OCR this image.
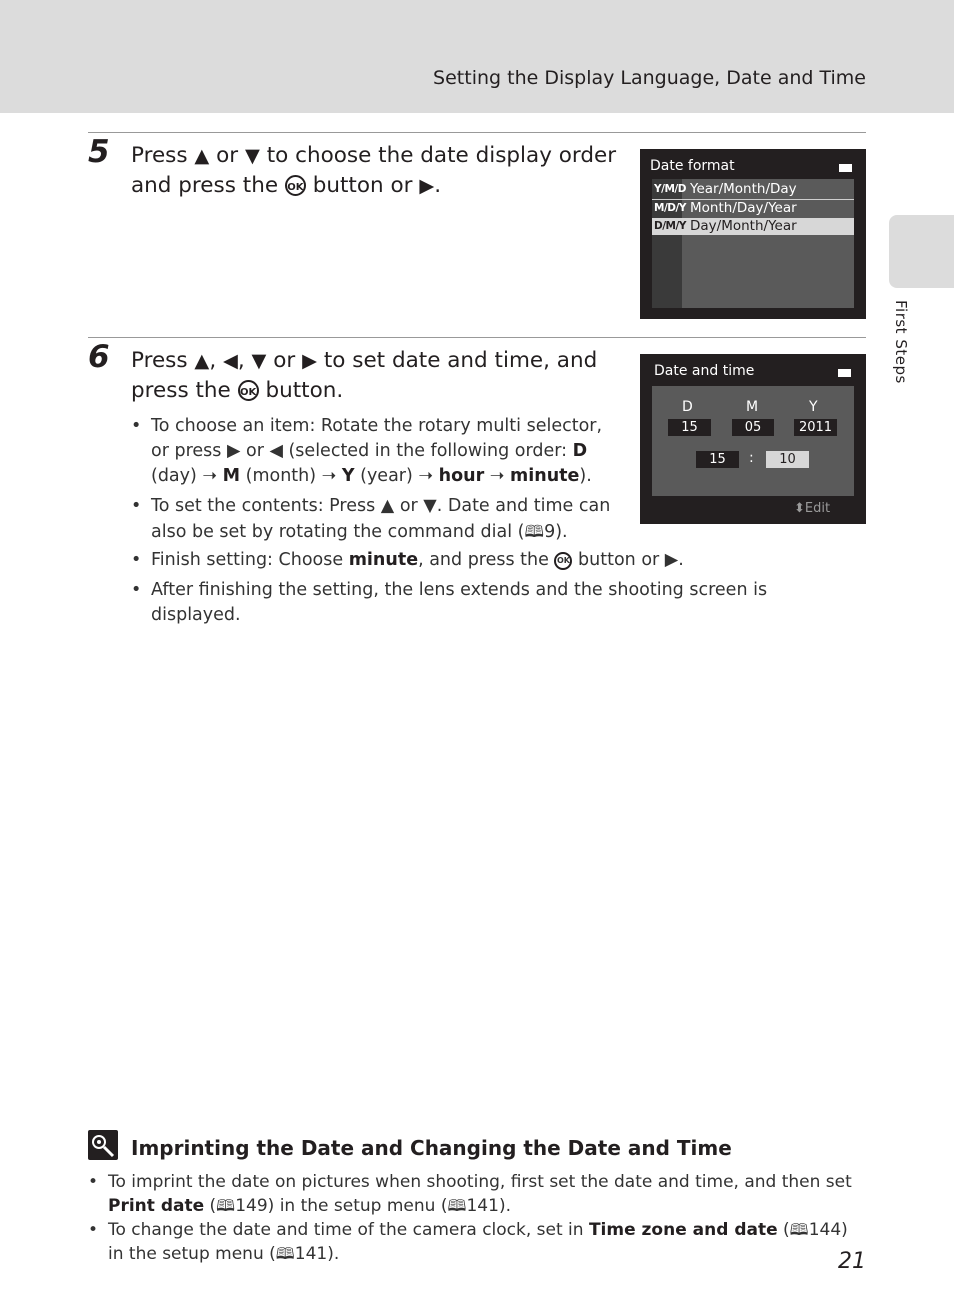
Setting the Display Language, Date and Time
First Steps
5 Press ▲ or ▼ to choose the date display order and press the OK button or ▶.
Date format
Y/M/D Year/Month/Day
M/D/Y Month/Day/Year
D/M/Y Day/Month/Year
6 Press ▲, ◀, ▼ or ▶ to set date and time, and press the OK button.
• To choose an item: Rotate the rotary multi selector, or press ▶ or ◀ (selected in the following order: D (day) ➝ M (month) ➝ Y (year) ➝ hour ➝ minute).
• To set the contents: Press ▲ or ▼. Date and time can also be set by rotating the command dial (🕮9).
• Finish setting: Choose minute, and press the OK button or ▶.
• After finishing the setting, the lens extends and the shooting screen is displayed.
Date and time
D	M	Y
15	05	2011
15	:	10
⬍Edit
Imprinting the Date and Changing the Date and Time
• To imprint the date on pictures when shooting, first set the date and time, and then set Print date (🕮149) in the setup menu (🕮141).
• To change the date and time of the camera clock, set in Time zone and date (🕮144) in the setup menu (🕮141).	21
